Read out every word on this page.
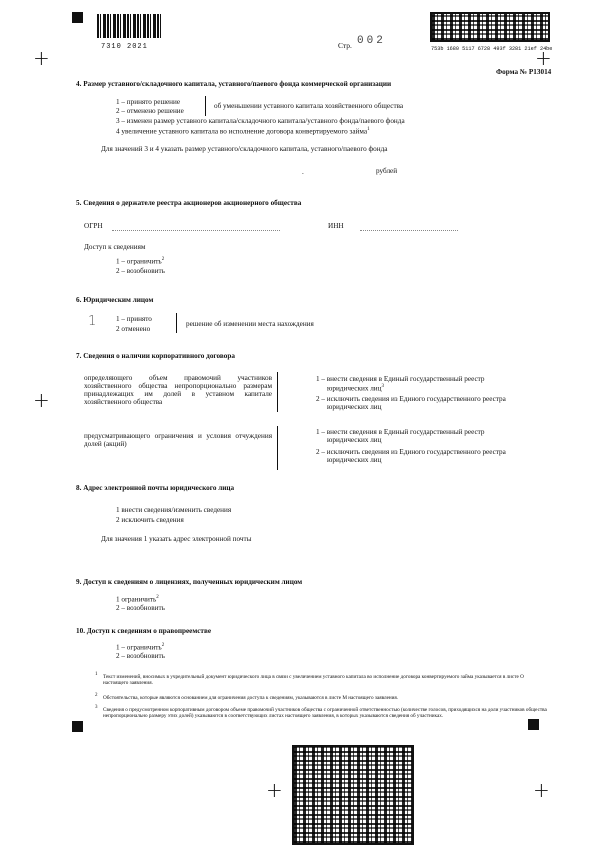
+	+
+
+	+
7310 2021	Стр. 002
753b 1680 5117 6728 493f 3281 21ef 24be
Форма № Р13014
4. Размер уставного/складочного капитала, уставного/паевого фонда коммерческой организации
1 – принято решение
2 – отменено решение
об уменьшении уставного капитала хозяйственного общества
3 – изменен размер уставного капитала/складочного капитала/уставного фонда/паевого фонда
4 увеличение уставного капитала во исполнение договора конвертируемого займа$^1$
Для значений 3 и 4 указать размер уставного/складочного капитала, уставного/паевого фонда
рублей
.
5. Сведения о держателе реестра акционеров акционерного общества
ОГРН	ИНН
Доступ к сведениям
1 – ограничить$^2$
2 – возобновить
6. Юридическим лицом
1	1 – принято
2 отменено
решение об изменении места нахождения
7. Сведения о наличии корпоративного договора
определяющего объем правомочий участников хозяйственного общества непропорционально размерам принадлежащих им долей в уставном капитале хозяйственного общества
1 – внести сведения в Единый государственный реестр
юридических лиц$^3$
2 – исключить сведения из Единого государственного реестра
юридических лиц
предусматривающего ограничения и условия отчуждения долей (акций)
1 – внести сведения в Единый государственный реестр
юридических лиц
2 – исключить сведения из Единого государственного реестра
юридических лиц
8. Адрес электронной почты юридического лица
1 внести сведения/изменить сведения
2 исключить сведения
Для значения 1 указать адрес электронной почты
9. Доступ к сведениям о лицензиях, полученных юридическим лицом
1 ограничить$^2$
2 – возобновить
10. Доступ к сведениям о правопреемстве
1 – ограничить$^2$
2 – возобновить
1 Текст изменений, вносимых в учредительный документ юридического лица в связи с увеличением уставного капитала во исполнение договора конвертируемого займа указывается в листе О настоящего заявления.
2 Обстоятельства, которые являются основанием для ограничения доступа к сведениям, указываются в листе М настоящего заявления.
3 Сведения о предусмотренном корпоративным договором объеме правомочий участников общества с ограниченной ответственностью (количестве голосов, приходящихся на доли участников общества непропорционально размеру этих долей) указываются в соответствующих листах настоящего заявления, в которых указываются сведения об участниках.
